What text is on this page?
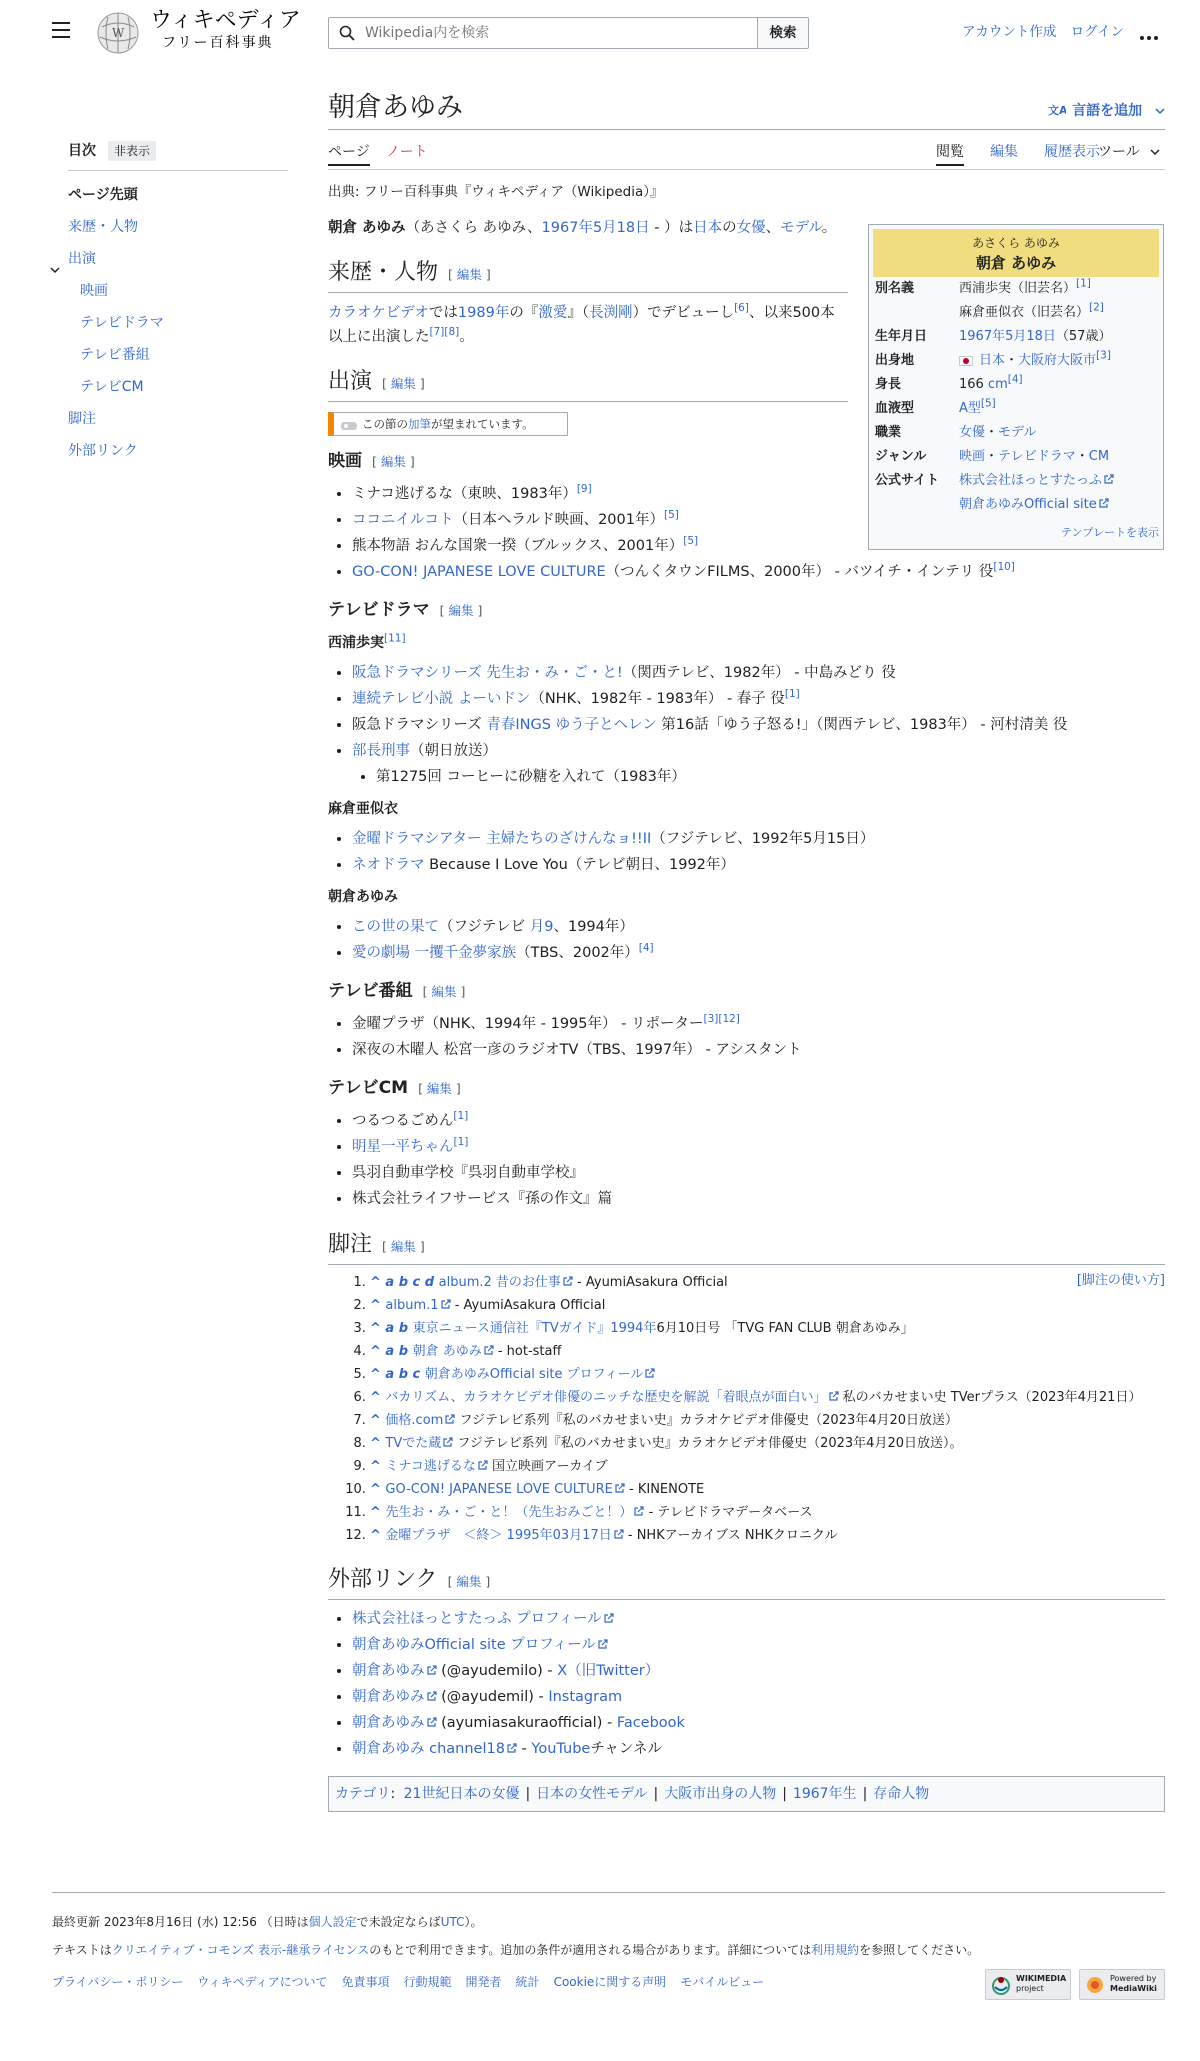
W ウィキペディア
フリー百科事典
Wikipedia内を検索
検索	アカウント作成 ログイン
目次	非表示
ページ先頭
来歴・人物
出演
映画
テレビドラマ
テレビ番組
テレビCM
脚注
外部リンク
朝倉あゆみ	文A 言語を追加
ページ ノート	閲覧 編集 履歴表示
ツール
出典: フリー百科事典『ウィキペディア（Wikipedia）』

朝倉 あゆみ（あさくら あゆみ、1967年5月18日 - ）は日本の女優、モデル。

来歴・人物 [ 編集 ]

カラオケビデオでは1989年の『激愛』（長渕剛）でデビューし[6]、以来500本以上に出演した[7][8]。

出演 [ 編集 ]
この節の加筆が望まれています。
映画 [ 編集 ]
• ミナコ逃げるな（東映、1983年）[9]
• ココニイルコト（日本ヘラルド映画、2001年）[5]
• 熊本物語 おんな国衆一揆（ブルックス、2001年）[5]
• GO-CON! JAPANESE LOVE CULTURE（つんくタウンFILMS、2000年） - バツイチ・インテリ 役[10]
テレビドラマ [ 編集 ]
西浦歩実[11]
• 阪急ドラマシリーズ 先生お・み・ご・と!（関西テレビ、1982年） - 中島みどり 役
• 連続テレビ小説 よーいドン（NHK、1982年 - 1983年） - 春子 役[1]
• 阪急ドラマシリーズ 青春INGS ゆう子とヘレン 第16話「ゆう子怒る!」（関西テレビ、1983年） - 河村清美 役
• 部長刑事（朝日放送）
• 第1275回 コーヒーに砂糖を入れて（1983年）
麻倉亜似衣
• 金曜ドラマシアター 主婦たちのざけんなョ!!II（フジテレビ、1992年5月15日）
• ネオドラマ Because I Love You（テレビ朝日、1992年）
朝倉あゆみ
• この世の果て（フジテレビ 月9、1994年）
• 愛の劇場 一攫千金夢家族（TBS、2002年）[4]
テレビ番組 [ 編集 ]
• 金曜プラザ（NHK、1994年 - 1995年） - リポーター[3][12]
• 深夜の木曜人 松宮一彦のラジオTV（TBS、1997年） - アシスタント
テレビCM [ 編集 ]
• つるつるごめん[1]
• 明星一平ちゃん[1]
• 呉羽自動車学校『呉羽自動車学校』
• 株式会社ライフサービス『孫の作文』篇
脚注 [ 編集 ]
[脚注の使い方]
1. ^ a b c d album.2 昔のお仕事
- AyumiAsakura Official
2. ^ album.1
- AyumiAsakura Official
3. ^ a b 東京ニュース通信社『TVガイド』1994年6月10日号 「TVG FAN CLUB 朝倉あゆみ」
4. ^ a b 朝倉 あゆみ
- hot-staff
5. ^ a b c 朝倉あゆみOfficial site プロフィール
6. ^ バカリズム、カラオケビデオ俳優のニッチな歴史を解説「着眼点が面白い」
私のバカせまい史 TVerプラス（2023年4月21日）
7. ^ 価格.com
フジテレビ系列『私のバカせまい史』カラオケビデオ俳優史（2023年4月20日放送）
8. ^ TVでた蔵
フジテレビ系列『私のバカせまい史』カラオケビデオ俳優史（2023年4月20日放送）。
9. ^ ミナコ逃げるな
国立映画アーカイブ
10. ^ GO-CON! JAPANESE LOVE CULTURE
- KINENOTE
11. ^ 先生お・み・ご・と！（先生おみごと！）
- テレビドラマデータベース
12. ^ 金曜プラザ　＜終＞ 1995年03月17日
- NHKアーカイブス NHKクロニクル
外部リンク [ 編集 ]
• 株式会社ほっとすたっふ プロフィール
• 朝倉あゆみOfficial site プロフィール
• 朝倉あゆみ
(@ayudemilo) - X（旧Twitter）
• 朝倉あゆみ
(@ayudemil) - Instagram
• 朝倉あゆみ
(ayumiasakuraofficial) - Facebook
• 朝倉あゆみ channel18
- YouTubeチャンネル
カテゴリ: 21世紀日本の女優 | 日本の女性モデル | 大阪市出身の人物 | 1967年生 | 存命人物
あさくら あゆみ
朝倉 あゆみ
別名義	西浦歩実（旧芸名）[1]
麻倉亜似衣（旧芸名）[2]
生年月日	1967年5月18日（57歳）
出身地	日本・大阪府大阪市[3]
身長	166 cm[4]
血液型	A型[5]
職業	女優・モデル
ジャンル	映画・テレビドラマ・CM
公式サイト	株式会社ほっとすたっふ

朝倉あゆみOfficial site
テンプレートを表示
最終更新 2023年8月16日 (水) 12:56 （日時は個人設定で未設定ならばUTC）。
テキストはクリエイティブ・コモンズ 表示-継承ライセンスのもとで利用できます。追加の条件が適用される場合があります。詳細については利用規約を参照してください。
プライバシー・ポリシー ウィキペディアについて 免責事項 行動規範 開発者 統計 Cookieに関する声明 モバイルビュー	WIKIMEDIA
project
Powered by
MediaWiki
